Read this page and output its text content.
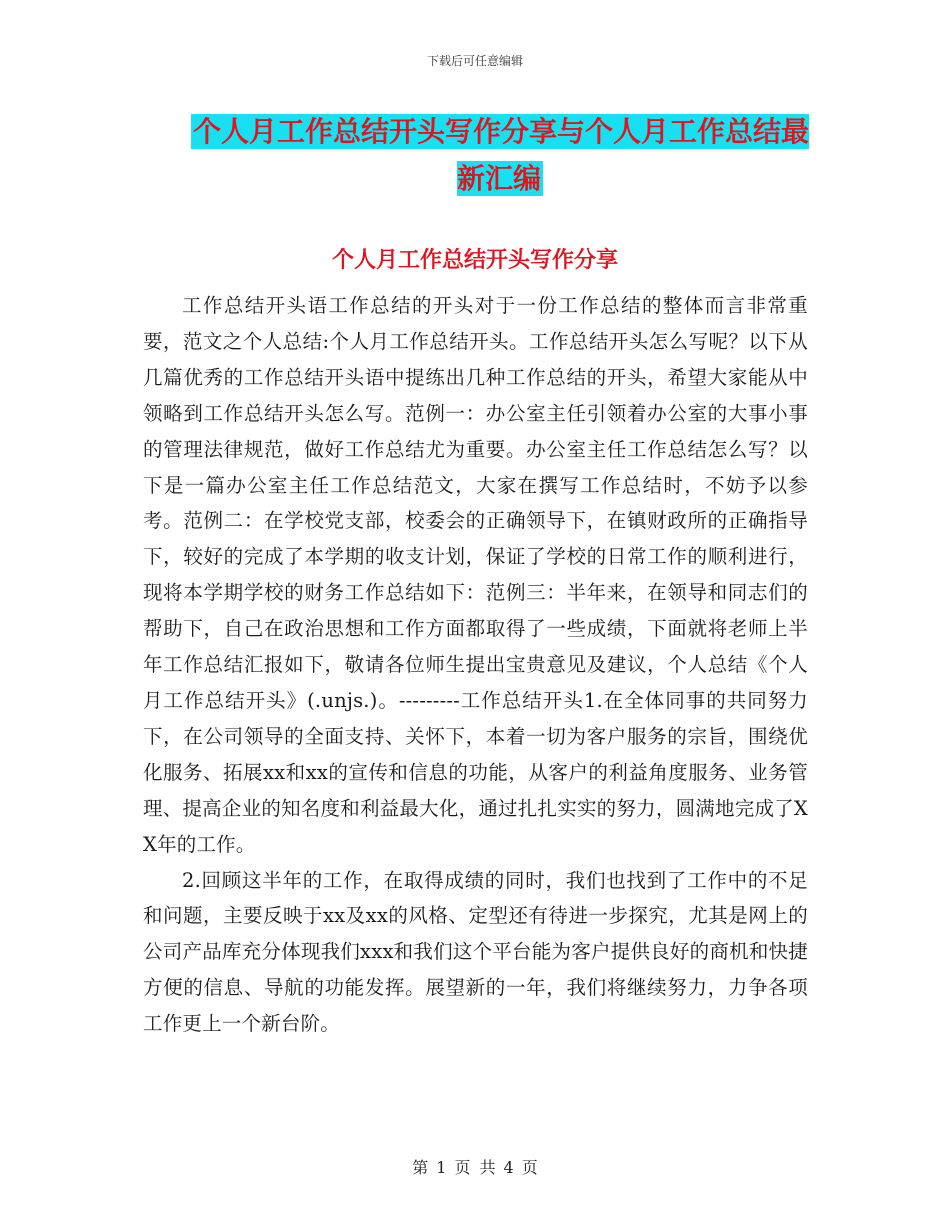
下载后可任意编辑
个人月工作总结开头写作分享与个人月工作总结最新汇编
个人月工作总结开头写作分享

工作总结开头语工作总结的开头对于一份工作总结的整体而言非常重要，范文之个人总结:个人月工作总结开头。工作总结开头怎么写呢？以下从几篇优秀的工作总结开头语中提练出几种工作总结的开头，希望大家能从中领略到工作总结开头怎么写。范例一：办公室主任引领着办公室的大事小事的管理法律规范，做好工作总结尤为重要。办公室主任工作总结怎么写？以下是一篇办公室主任工作总结范文，大家在撰写工作总结时，不妨予以参考。范例二：在学校党支部，校委会的正确领导下，在镇财政所的正确指导下，较好的完成了本学期的收支计划，保证了学校的日常工作的顺利进行，现将本学期学校的财务工作总结如下：范例三：半年来，在领导和同志们的帮助下，自己在政治思想和工作方面都取得了一些成绩，下面就将老师上半年工作总结汇报如下，敬请各位师生提出宝贵意见及建议，个人总结《个人月工作总结开头》(.unjs.)。---------工作总结开头1.在全体同事的共同努力下，在公司领导的全面支持、关怀下，本着一切为客户服务的宗旨，围绕优化服务、拓展xx和xx的宣传和信息的功能，从客户的利益角度服务、业务管理、提高企业的知名度和利益最大化，通过扎扎实实的努力，圆满地完成了XX年的工作。

2.回顾这半年的工作，在取得成绩的同时，我们也找到了工作中的不足和问题，主要反映于xx及xx的风格、定型还有待进一步探究，尤其是网上的公司产品库充分体现我们xxx和我们这个平台能为客户提供良好的商机和快捷方便的信息、导航的功能发挥。展望新的一年，我们将继续努力，力争各项工作更上一个新台阶。

第 1 页 共 4 页
